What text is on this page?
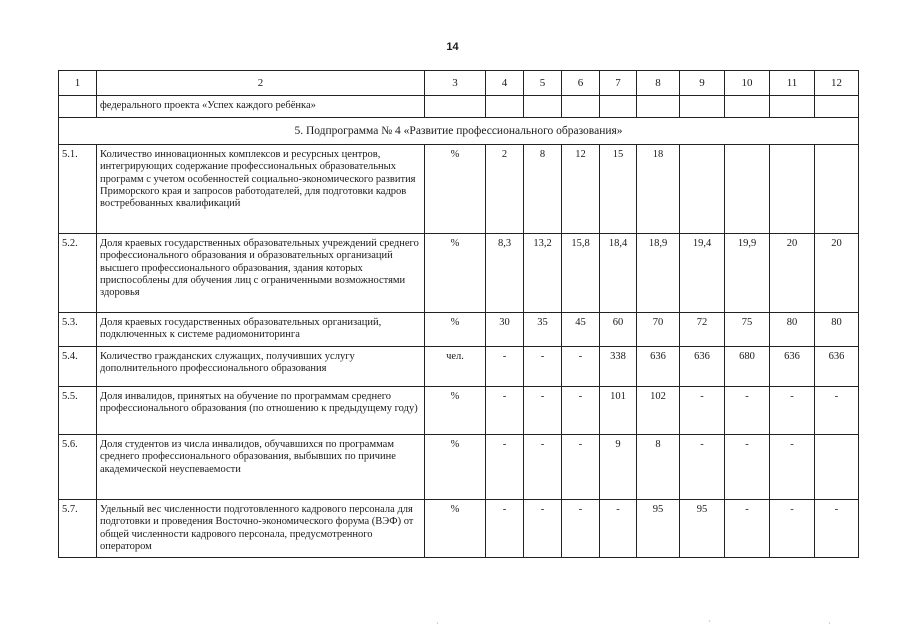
14
1	2	3	4	5	6	7	8	9	10	11	12
	федерального проекта «Успех каждого ребёнка»										
5. Подпрограмма № 4 «Развитие профессионального образования»											
5.1.	Количество инновационных комплексов и ресурсных центров, интегрирующих содержание профессиональных образовательных программ с учетом особенностей социально-экономического развития Приморского края и запросов работодателей, для подготовки кадров востребованных квалификаций	%	2	8	12	15	18				
5.2.	Доля краевых государственных образовательных учреждений среднего профессионального образования и образовательных организаций высшего профессионального образования, здания которых приспособлены для обучения лиц с ограниченными возможностями здоровья	%	8,3	13,2	15,8	18,4	18,9	19,4	19,9	20	20
5.3.	Доля краевых государственных образовательных организаций, подключенных к системе радиомониторинга	%	30	35	45	60	70	72	75	80	80
5.4.	Количество гражданских служащих, получивших услугу дополнительного профессионального образования	чел.	-	-	-	338	636	636	680	636	636
5.5.	Доля инвалидов, принятых на обучение по программам среднего профессионального образования (по отношению к предыдущему году)	%	-	-	-	101	102	-	-	-	-
5.6.	Доля студентов из числа инвалидов, обучавшихся по программам среднего профессионального образования, выбывших по причине академической неуспеваемости	%	-	-	-	9	8	-	-	-	
5.7.	Удельный вес численности подготовленного кадрового персонала для подготовки и проведения Восточно-экономического форума (ВЭФ) от общей численности кадрового персонала, предусмотренного оператором	%	-	-	-	-	95	95	-	-	-
·	·	·
